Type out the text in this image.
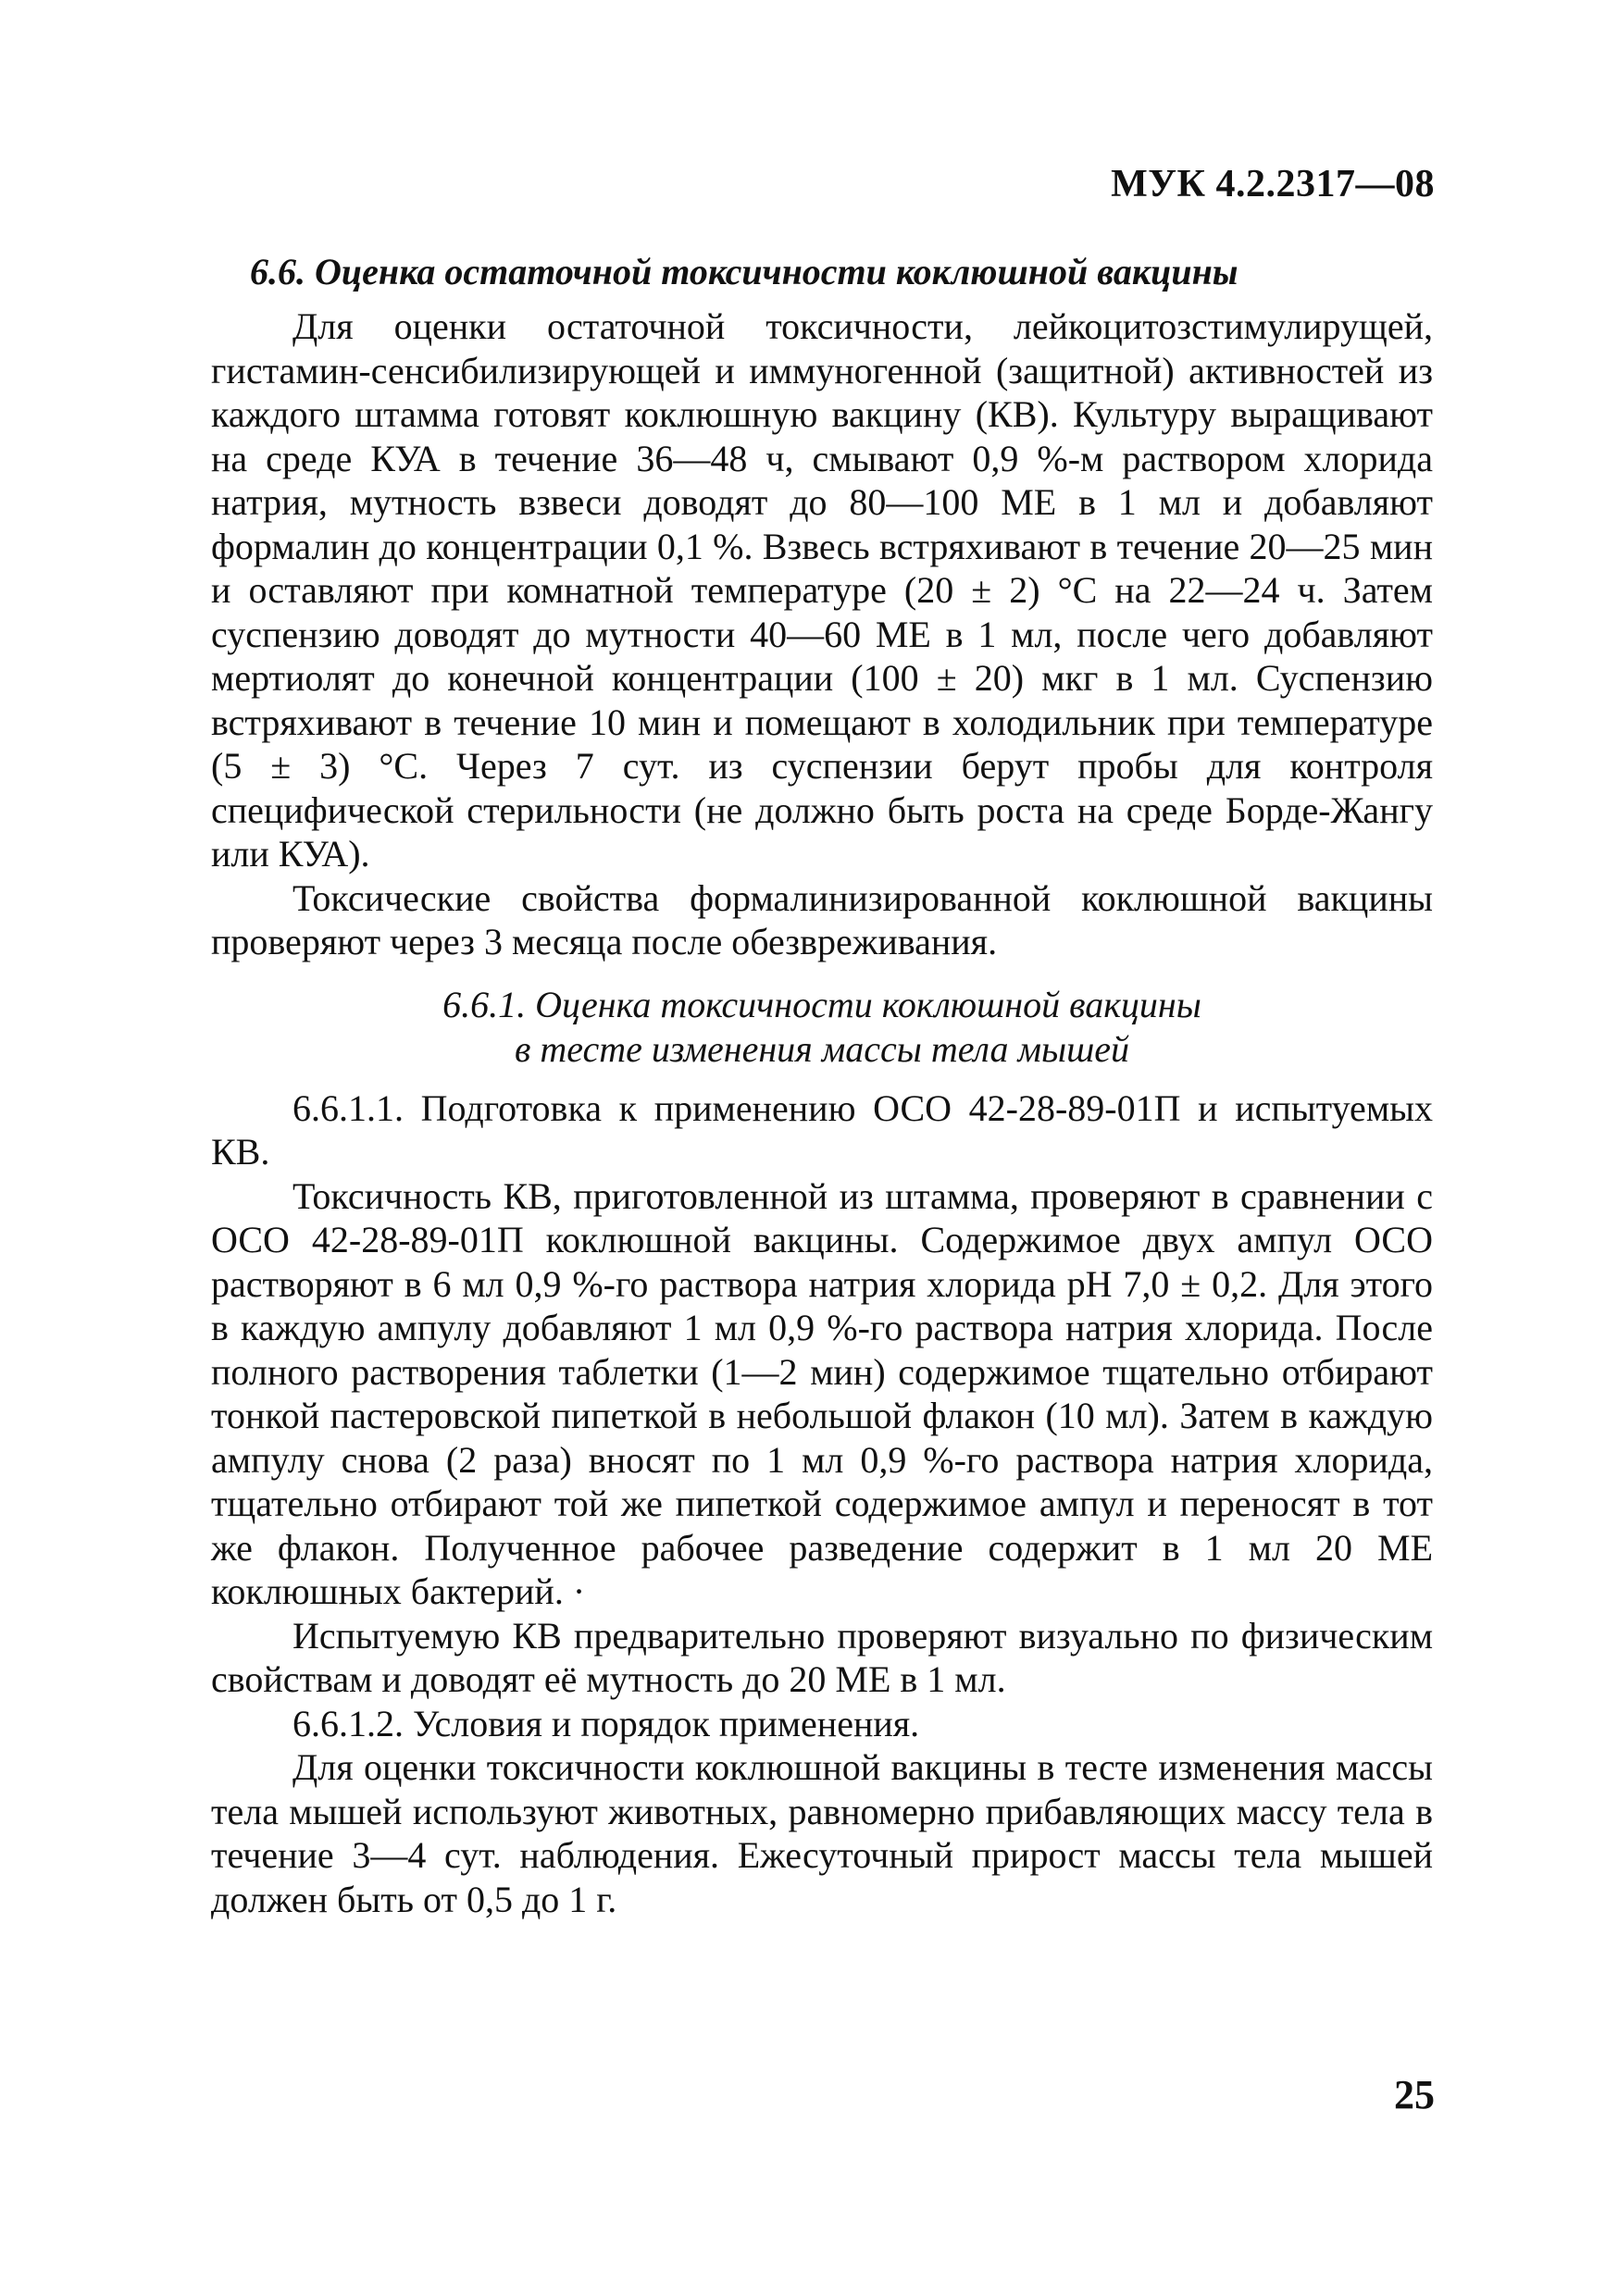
МУК 4.2.2317—08
6.6. Оценка остаточной токсичности коклюшной вакцины

Для оценки остаточной токсичности, лейкоцитозстимулирущей, гистамин-сенсибилизирующей и иммуногенной (защитной) активностей из каждого штамма готовят коклюшную вакцину (КВ). Культуру выращивают на среде КУА в течение 36—48 ч, смывают 0,9 %-м раствором хлорида натрия, мутность взвеси доводят до 80—100 МЕ в 1 мл и добавляют формалин до концентрации 0,1 %. Взвесь встряхивают в течение 20—25 мин и оставляют при комнатной температуре (20 ± 2) °С на 22—24 ч. Затем суспензию доводят до мутности 40—60 МЕ в 1 мл, после чего добавляют мертиолят до конечной концентрации (100 ± 20) мкг в 1 мл. Суспензию встряхивают в течение 10 мин и помещают в холодильник при температуре (5 ± 3) °С. Через 7 сут. из суспензии берут пробы для контроля специфической стерильности (не должно быть роста на среде Борде-Жангу или КУА).

Токсические свойства формалинизированной коклюшной вакцины проверяют через 3 месяца после обезвреживания.

6.6.1. Оценка токсичности коклюшной вакцины
в тесте изменения массы тела мышей

6.6.1.1. Подготовка к применению ОСО 42-28-89-01П и испытуемых КВ.

Токсичность КВ, приготовленной из штамма, проверяют в сравнении с ОСО 42-28-89-01П коклюшной вакцины. Содержимое двух ампул ОСО растворяют в 6 мл 0,9 %-го раствора натрия хлорида рН 7,0 ± 0,2. Для этого в каждую ампулу добавляют 1 мл 0,9 %-го раствора натрия хлорида. После полного растворения таблетки (1—2 мин) содержимое тщательно отбирают тонкой пастеровской пипеткой в небольшой флакон (10 мл). Затем в каждую ампулу снова (2 раза) вносят по 1 мл 0,9 %-го раствора натрия хлорида, тщательно отбирают той же пипеткой содержимое ампул и переносят в тот же флакон. Полученное рабочее разведение содержит в 1 мл 20 МЕ коклюшных бактерий. ·

Испытуемую КВ предварительно проверяют визуально по физическим свойствам и доводят её мутность до 20 МЕ в 1 мл.

6.6.1.2. Условия и порядок применения.

Для оценки токсичности коклюшной вакцины в тесте изменения массы тела мышей используют животных, равномерно прибавляющих массу тела в течение 3—4 сут. наблюдения. Ежесуточный прирост массы тела мышей должен быть от 0,5 до 1 г.

25
